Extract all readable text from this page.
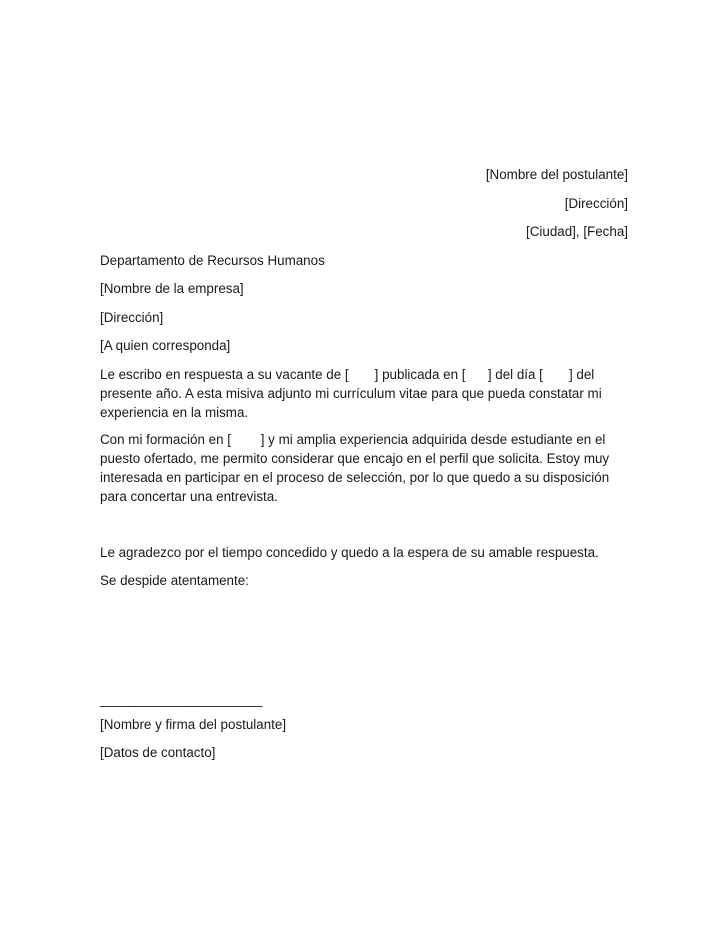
[Nombre del postulante]
[Dirección]
[Ciudad], [Fecha]
Departamento de Recursos Humanos
[Nombre de la empresa]
[Dirección]
[A quien corresponda]
Le escribo en respuesta a su vacante de [       ] publicada en [      ] del día [       ] del presente año. A esta misiva adjunto mi currículum vitae para que pueda constatar mi experiencia en la misma.
Con mi formación en [        ] y mi amplia experiencia adquirida desde estudiante en el puesto ofertado, me permito considerar que encajo en el perfil que solicita. Estoy muy interesada en participar en el proceso de selección, por lo que quedo a su disposición para concertar una entrevista.
Le agradezco por el tiempo concedido y quedo a la espera de su amable respuesta.
Se despide atentamente:
_______________________
[Nombre y firma del postulante]
[Datos de contacto]
